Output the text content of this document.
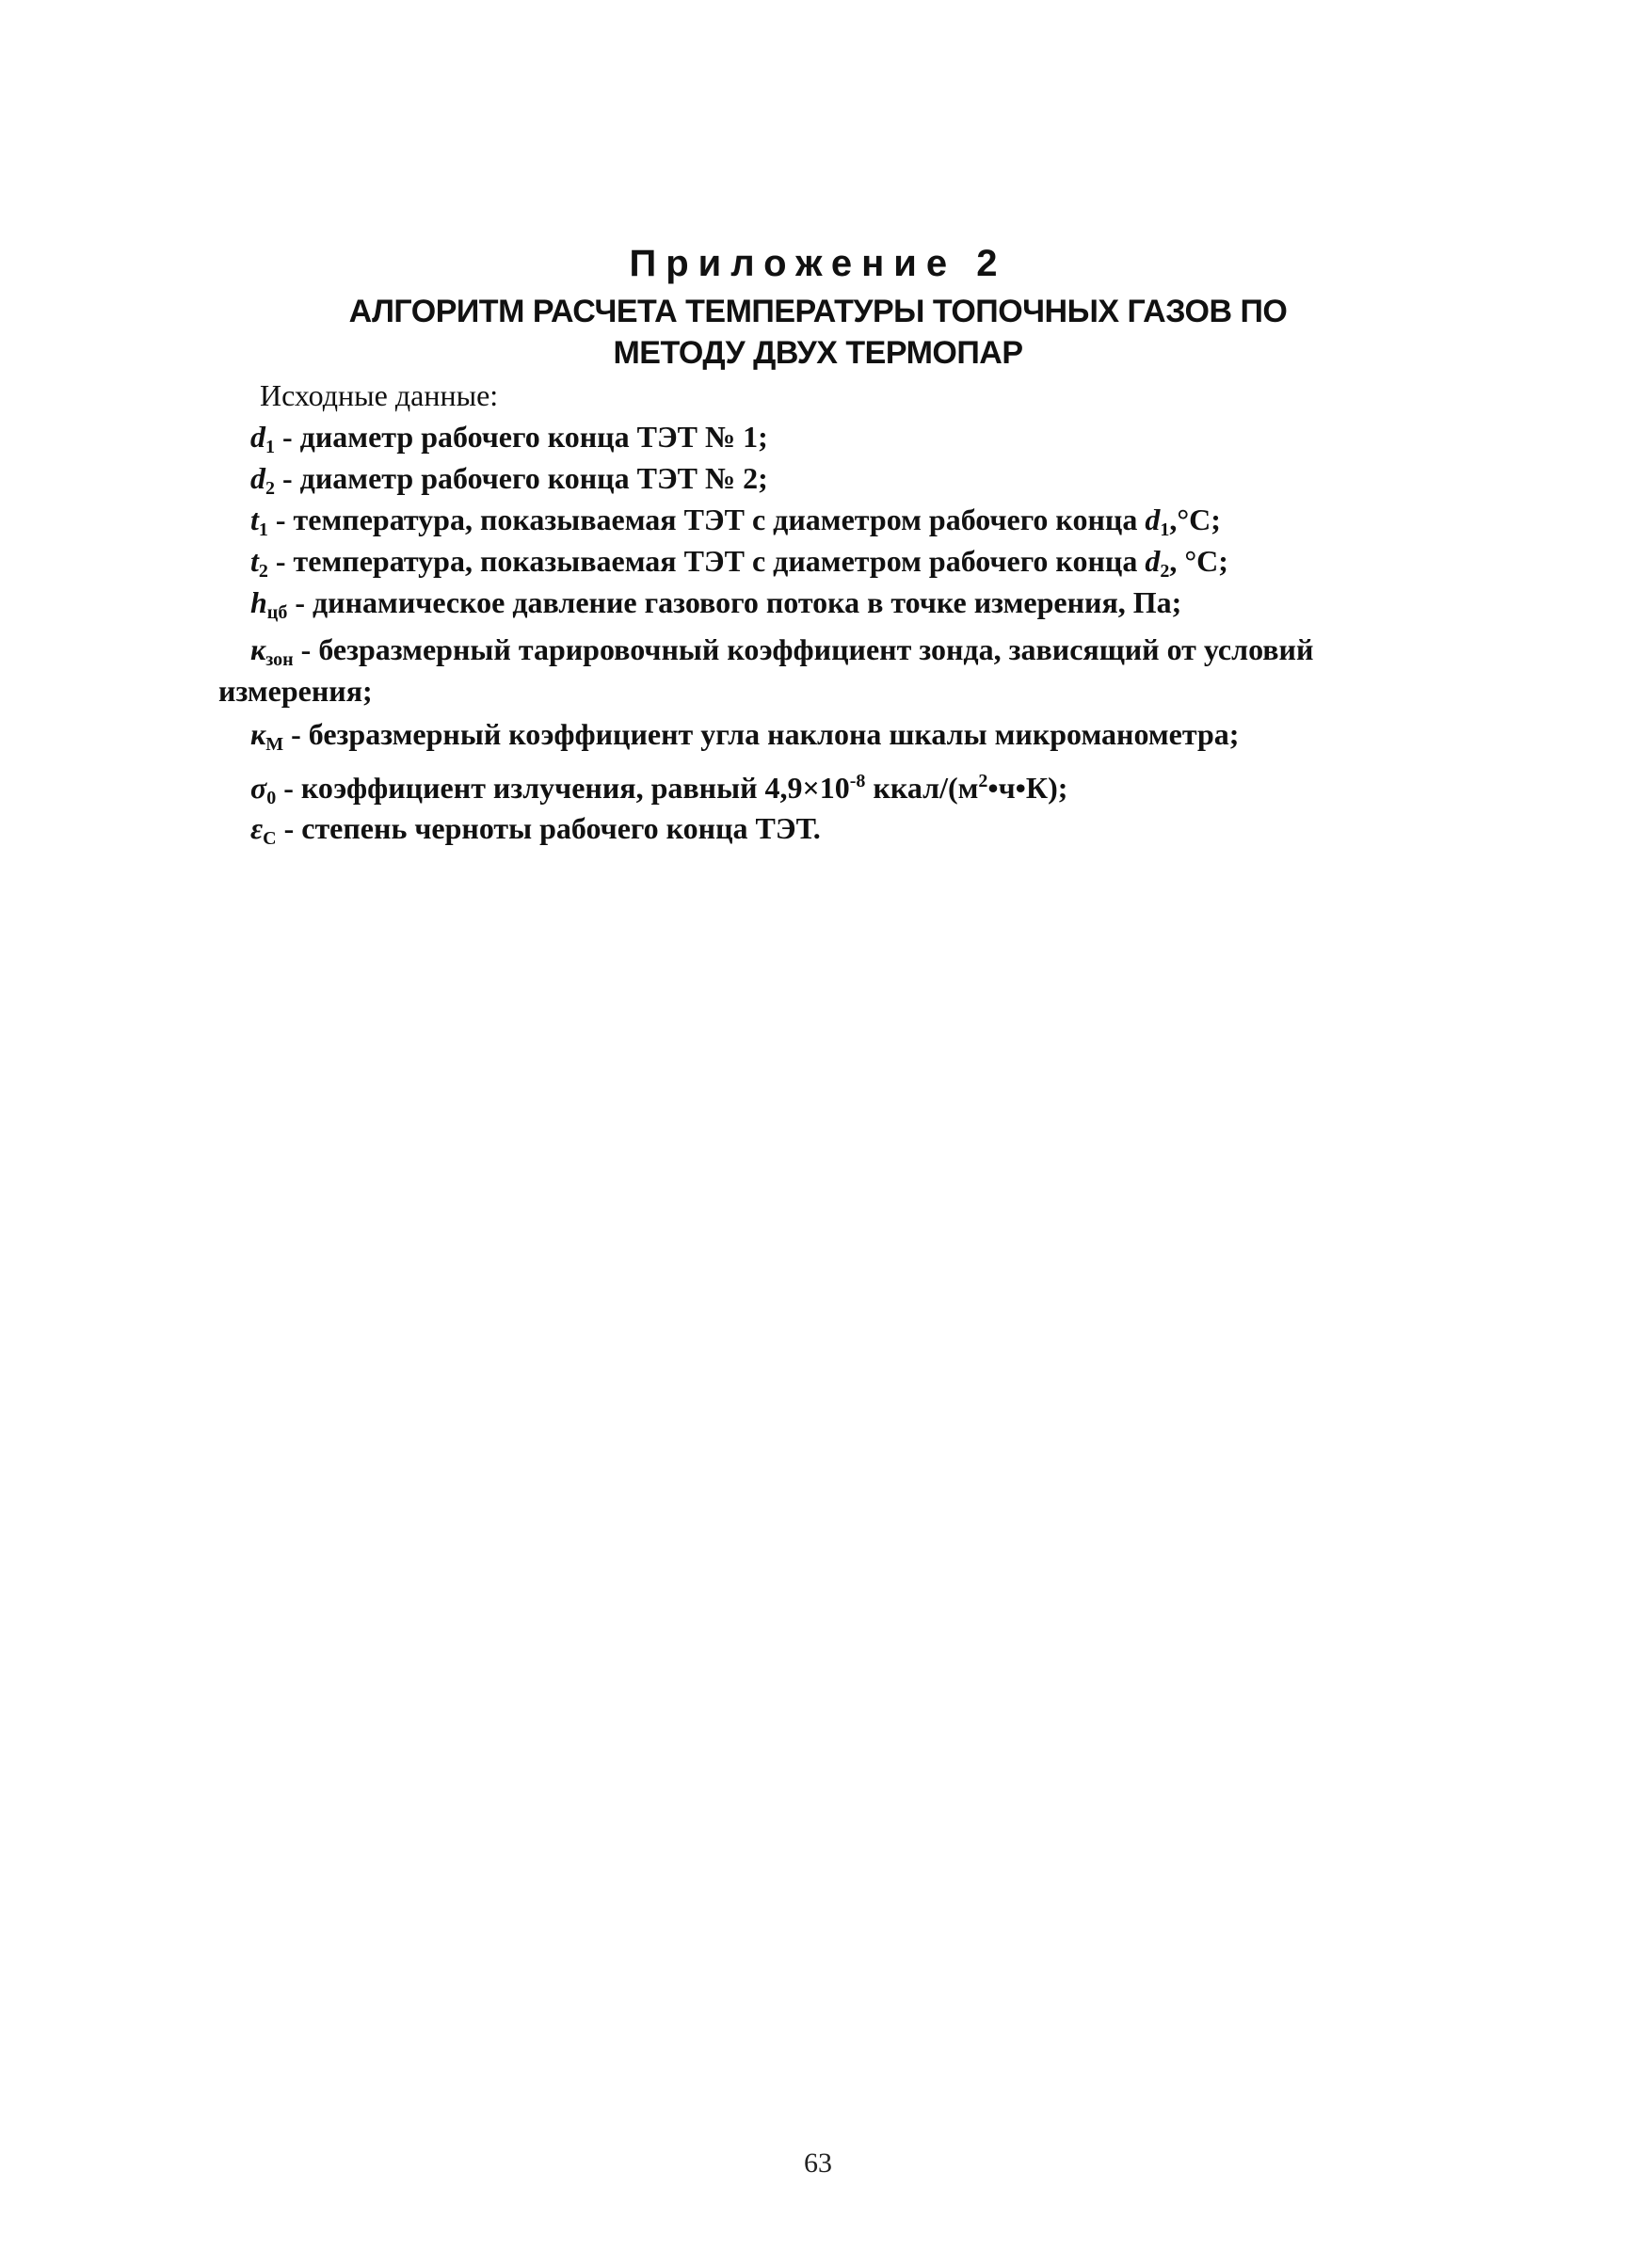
Приложение 2
АЛГОРИТМ РАСЧЕТА ТЕМПЕРАТУРЫ ТОПОЧНЫХ ГАЗОВ ПО
МЕТОДУ ДВУХ ТЕРМОПАР
Исходные данные:
$d_1$ - диаметр рабочего конца ТЭТ № 1;
$d_2$ - диаметр рабочего конца ТЭТ № 2;
$t_1$ - температура, показываемая ТЭТ с диаметром рабочего конца $d_1,^\circ С$;
$t_2$ - температура, показываемая ТЭТ с диаметром рабочего конца $d_2$, °С;
$h_{цб}$ - динамическое давление газового потока в точке измерения, Па;
$к_{зон}$ - безразмерный тарировочный коэффициент зонда, зависящий от условий
измерения;
$к_М$ - безразмерный коэффициент угла наклона шкалы микроманометра;
$\sigma_0$ - коэффициент излучения, равный $4,9\times 10^{-8}$ ккал/$(м^2•ч•К)$;
$\varepsilon_C$ - степень черноты рабочего конца ТЭТ.
63
